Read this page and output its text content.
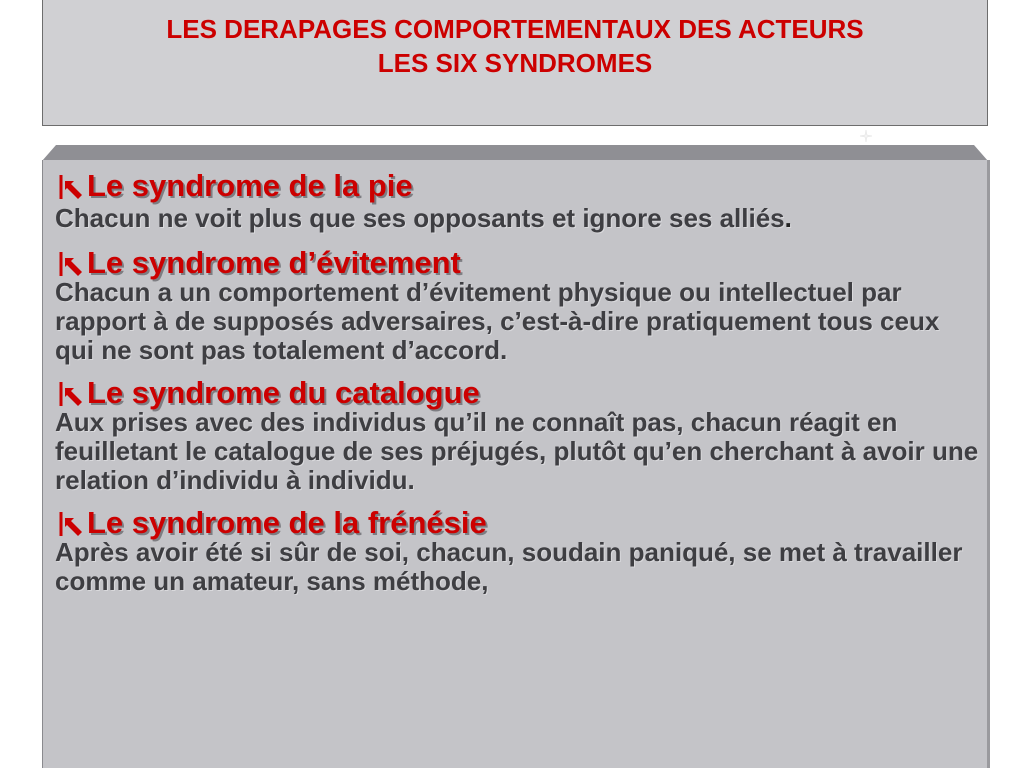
LES DERAPAGES COMPORTEMENTAUX DES ACTEURS
LES SIX SYNDROMES
Le syndrome de la pie
Chacun ne voit plus que ses opposants et ignore ses alliés.
Le syndrome d’évitement
Chacun a un comportement d’évitement physique ou intellectuel par rapport à de supposés adversaires, c’est-à-dire pratiquement tous ceux qui ne sont pas totalement d’accord.
Le syndrome du catalogue
Aux prises avec des individus qu’il ne connaît pas, chacun réagit en feuilletant le catalogue de ses préjugés, plutôt qu’en cherchant à avoir une relation d’individu à individu.
Le syndrome de la frénésie
Après avoir été si sûr de soi, chacun, soudain paniqué, se met à travailler comme un amateur, sans méthode,
